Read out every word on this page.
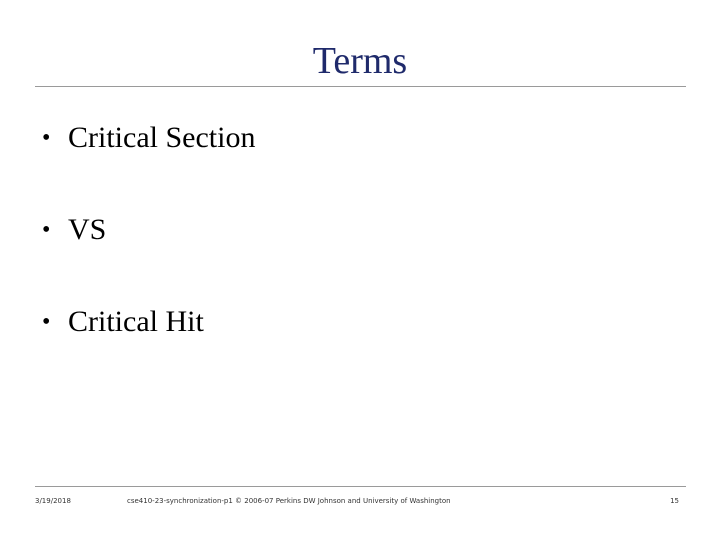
Terms
• Critical Section
• VS
• Critical Hit
3/19/2018	cse410-23-synchronization-p1 © 2006-07 Perkins DW Johnson and University of Washington	15
